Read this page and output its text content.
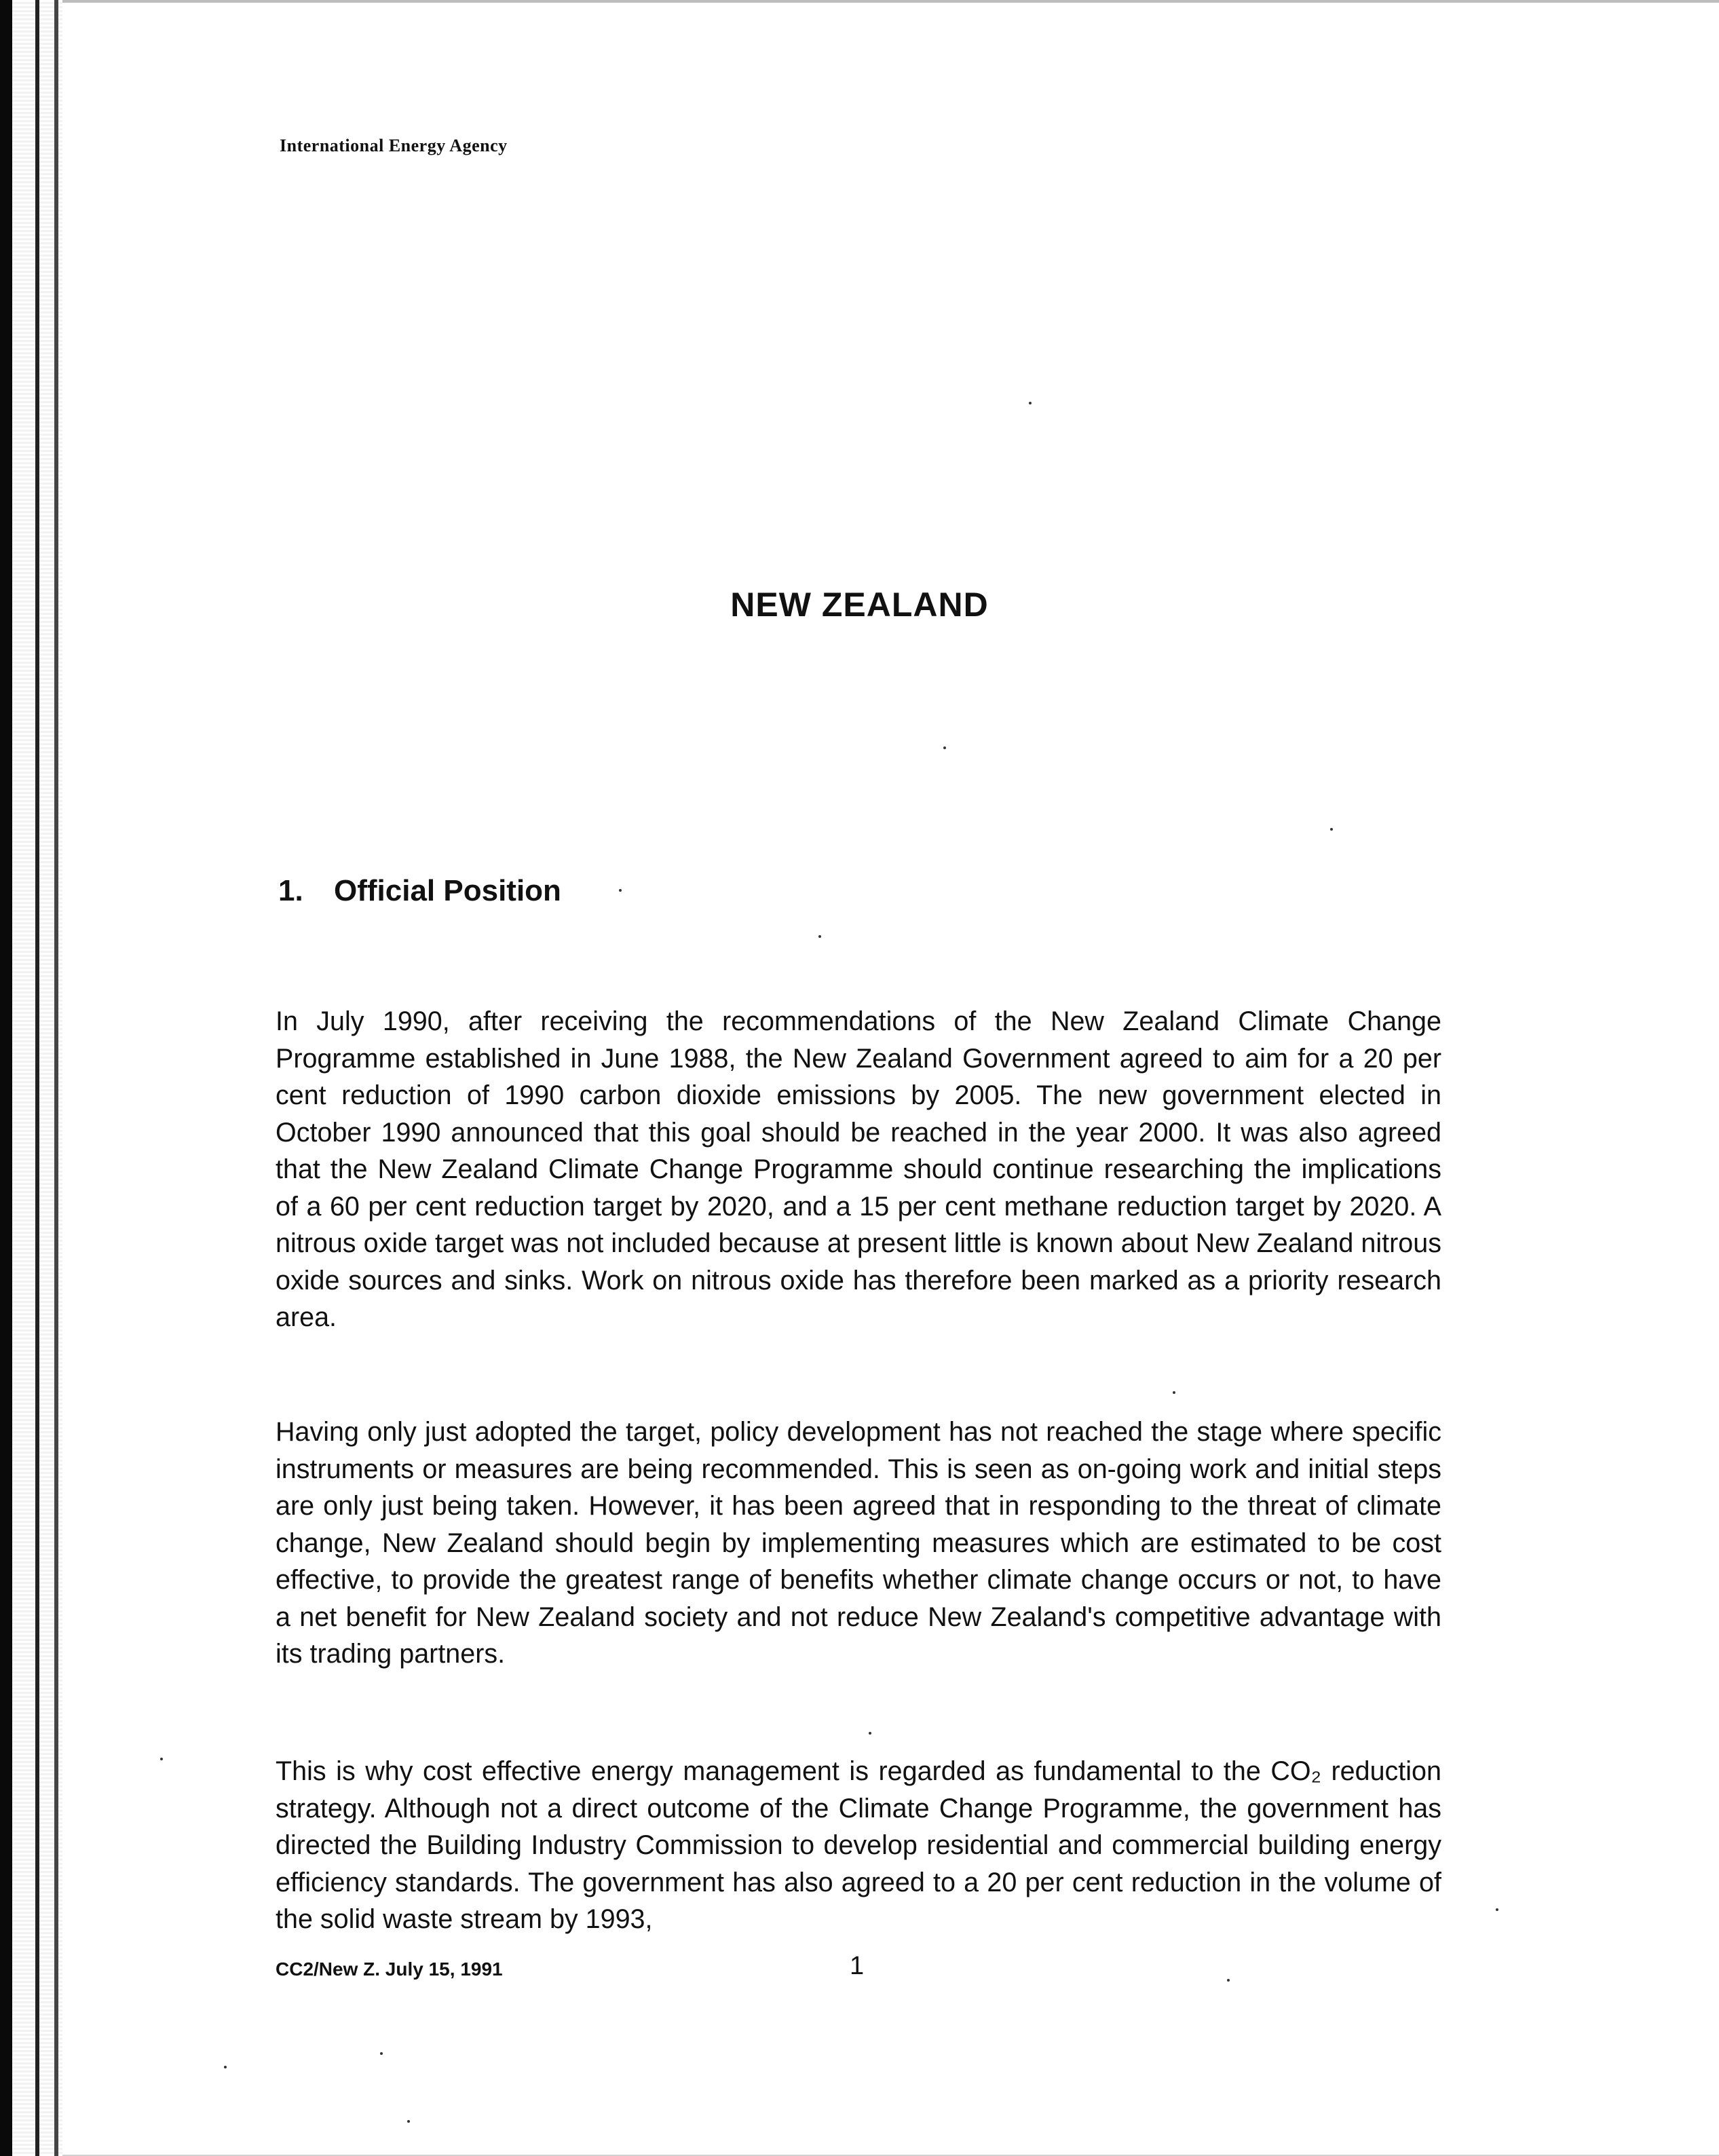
International Energy Agency
NEW ZEALAND
1. Official Position
In July 1990, after receiving the recommendations of the New Zealand Climate Change Programme established in June 1988, the New Zealand Government agreed to aim for a 20 per cent reduction of 1990 carbon dioxide emissions by 2005. The new government elected in October 1990 announced that this goal should be reached in the year 2000. It was also agreed that the New Zealand Climate Change Programme should continue researching the implications of a 60 per cent reduction target by 2020, and a 15 per cent methane reduction target by 2020. A nitrous oxide target was not included because at present little is known about New Zealand nitrous oxide sources and sinks. Work on nitrous oxide has therefore been marked as a priority research area.
Having only just adopted the target, policy development has not reached the stage where specific instruments or measures are being recommended. This is seen as on-going work and initial steps are only just being taken. However, it has been agreed that in responding to the threat of climate change, New Zealand should begin by implementing measures which are estimated to be cost effective, to provide the greatest range of benefits whether climate change occurs or not, to have a net benefit for New Zealand society and not reduce New Zealand's competitive advantage with its trading partners.
This is why cost effective energy management is regarded as fundamental to the CO₂ reduction strategy. Although not a direct outcome of the Climate Change Programme, the government has directed the Building Industry Commission to develop residential and commercial building energy efficiency standards. The government has also agreed to a 20 per cent reduction in the volume of the solid waste stream by 1993,
CC2/New Z. July 15, 1991	1
